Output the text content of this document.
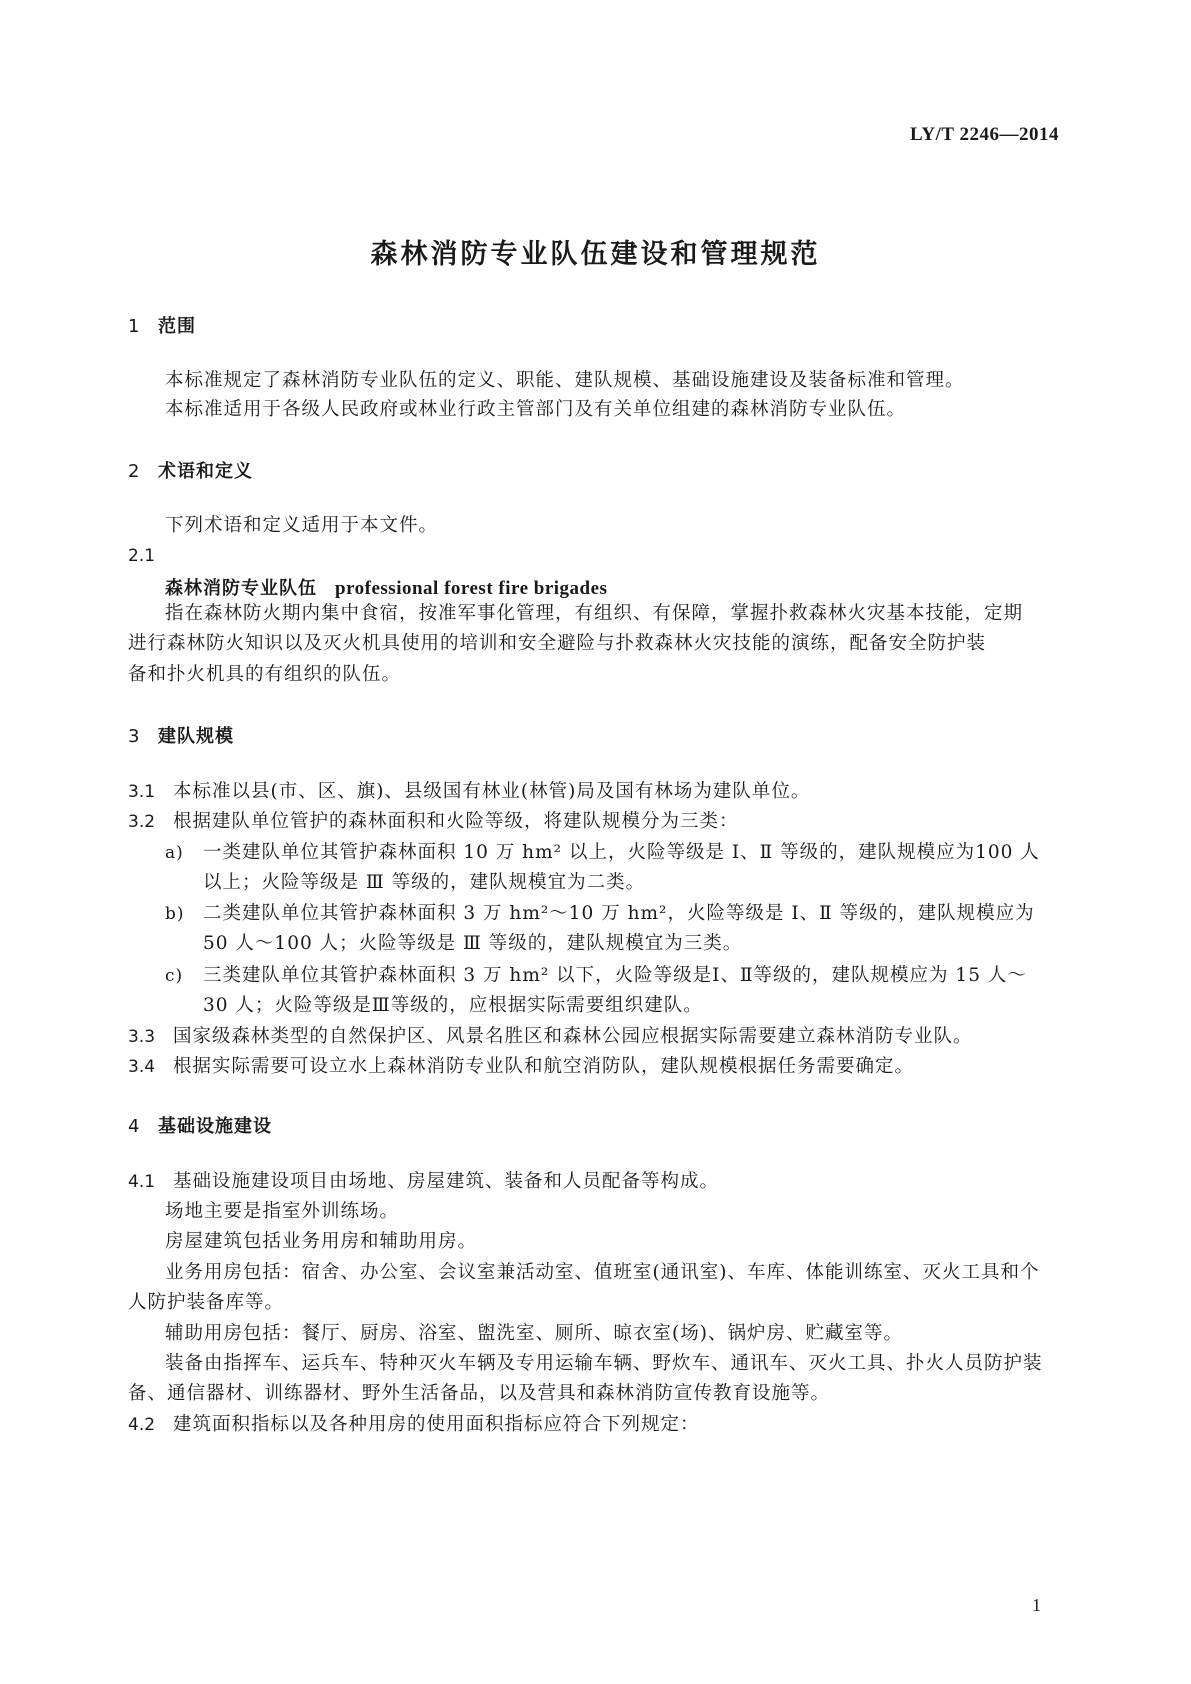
LY/T 2246—2014
森林消防专业队伍建设和管理规范
1 范围
本标准规定了森林消防专业队伍的定义、职能、建队规模、基础设施建设及装备标准和管理。
本标准适用于各级人民政府或林业行政主管部门及有关单位组建的森林消防专业队伍。
2 术语和定义
下列术语和定义适用于本文件。
2.1
森林消防专业队伍 professional forest fire brigades
指在森林防火期内集中食宿，按准军事化管理，有组织、有保障，掌握扑救森林火灾基本技能，定期
进行森林防火知识以及灭火机具使用的培训和安全避险与扑救森林火灾技能的演练，配备安全防护装
备和扑火机具的有组织的队伍。
3 建队规模
3.1 本标准以县(市、区、旗)、县级国有林业(林管)局及国有林场为建队单位。
3.2 根据建队单位管护的森林面积和火险等级，将建队规模分为三类：
a) 一类建队单位其管护森林面积 10 万 hm² 以上，火险等级是 Ⅰ、Ⅱ 等级的，建队规模应为100 人
以上；火险等级是 Ⅲ 等级的，建队规模宜为二类。
b) 二类建队单位其管护森林面积 3 万 hm²～10 万 hm²，火险等级是 Ⅰ、Ⅱ 等级的，建队规模应为
50 人～100 人；火险等级是 Ⅲ 等级的，建队规模宜为三类。
c) 三类建队单位其管护森林面积 3 万 hm² 以下，火险等级是Ⅰ、Ⅱ等级的，建队规模应为 15 人～
30 人；火险等级是Ⅲ等级的，应根据实际需要组织建队。
3.3 国家级森林类型的自然保护区、风景名胜区和森林公园应根据实际需要建立森林消防专业队。
3.4 根据实际需要可设立水上森林消防专业队和航空消防队，建队规模根据任务需要确定。
4 基础设施建设
4.1 基础设施建设项目由场地、房屋建筑、装备和人员配备等构成。
场地主要是指室外训练场。
房屋建筑包括业务用房和辅助用房。
业务用房包括：宿舍、办公室、会议室兼活动室、值班室(通讯室)、车库、体能训练室、灭火工具和个
人防护装备库等。
辅助用房包括：餐厅、厨房、浴室、盥洗室、厕所、晾衣室(场)、锅炉房、贮藏室等。
装备由指挥车、运兵车、特种灭火车辆及专用运输车辆、野炊车、通讯车、灭火工具、扑火人员防护装
备、通信器材、训练器材、野外生活备品，以及营具和森林消防宣传教育设施等。
4.2 建筑面积指标以及各种用房的使用面积指标应符合下列规定：
1
